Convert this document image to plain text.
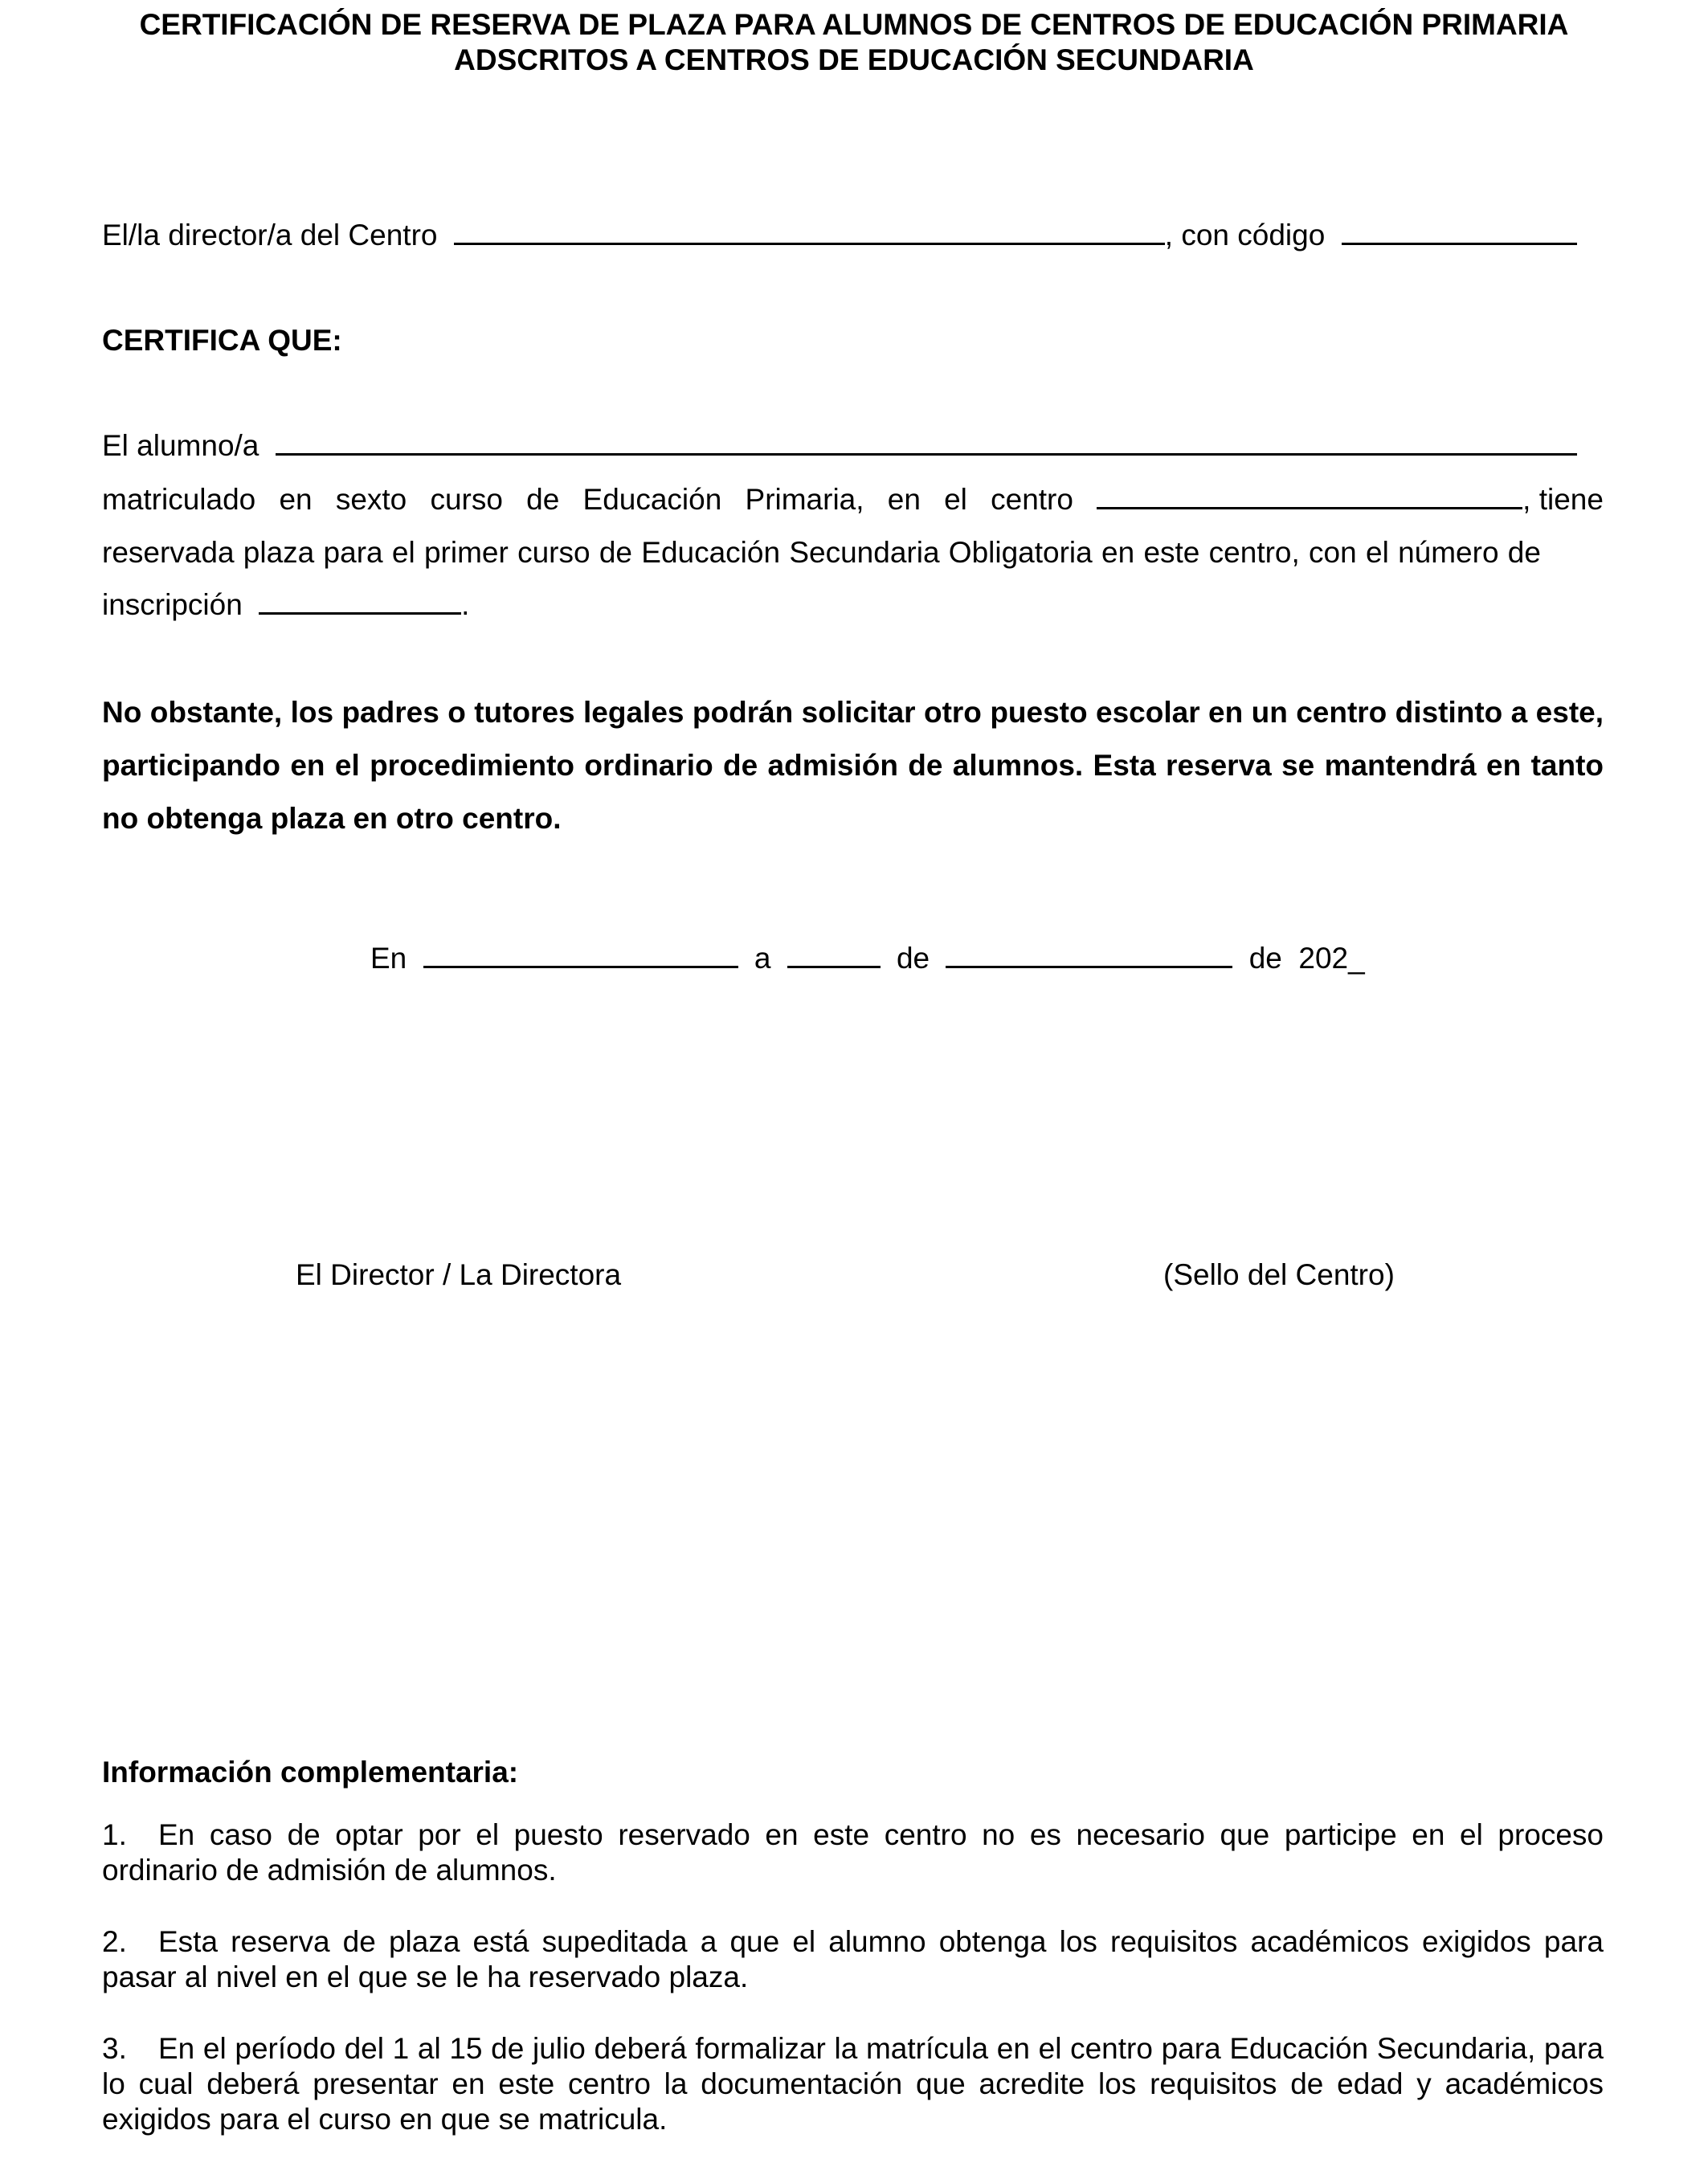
CERTIFICACIÓN DE RESERVA DE PLAZA PARA ALUMNOS DE CENTROS DE EDUCACIÓN PRIMARIA
ADSCRITOS A CENTROS DE EDUCACIÓN SECUNDARIA
El/la director/a del Centro	, con código
CERTIFICA QUE:
El alumno/a
matriculado en sexto curso de Educación Primaria, en el centro	, tiene
reservada plaza para el primer curso de Educación Secundaria Obligatoria en este centro, con el número de
inscripción	.
No obstante, los padres o tutores legales podrán solicitar otro puesto escolar en un centro distinto a este, participando en el procedimiento ordinario de admisión de alumnos. Esta reserva se mantendrá en tanto no obtenga plaza en otro centro.
En	a	de	de  202_
El Director / La Directora	(Sello del Centro)
Información complementaria:
1. En caso de optar por el puesto reservado en este centro no es necesario que participe en el proceso ordinario de admisión de alumnos.
2. Esta reserva de plaza está supeditada a que el alumno obtenga los requisitos académicos exigidos para pasar al nivel en el que se le ha reservado plaza.
3. En el período del 1 al 15 de julio deberá formalizar la matrícula en el centro para Educación Secundaria, para lo cual deberá presentar en este centro la documentación que acredite los requisitos de edad y académicos exigidos para el curso en que se matricula.
